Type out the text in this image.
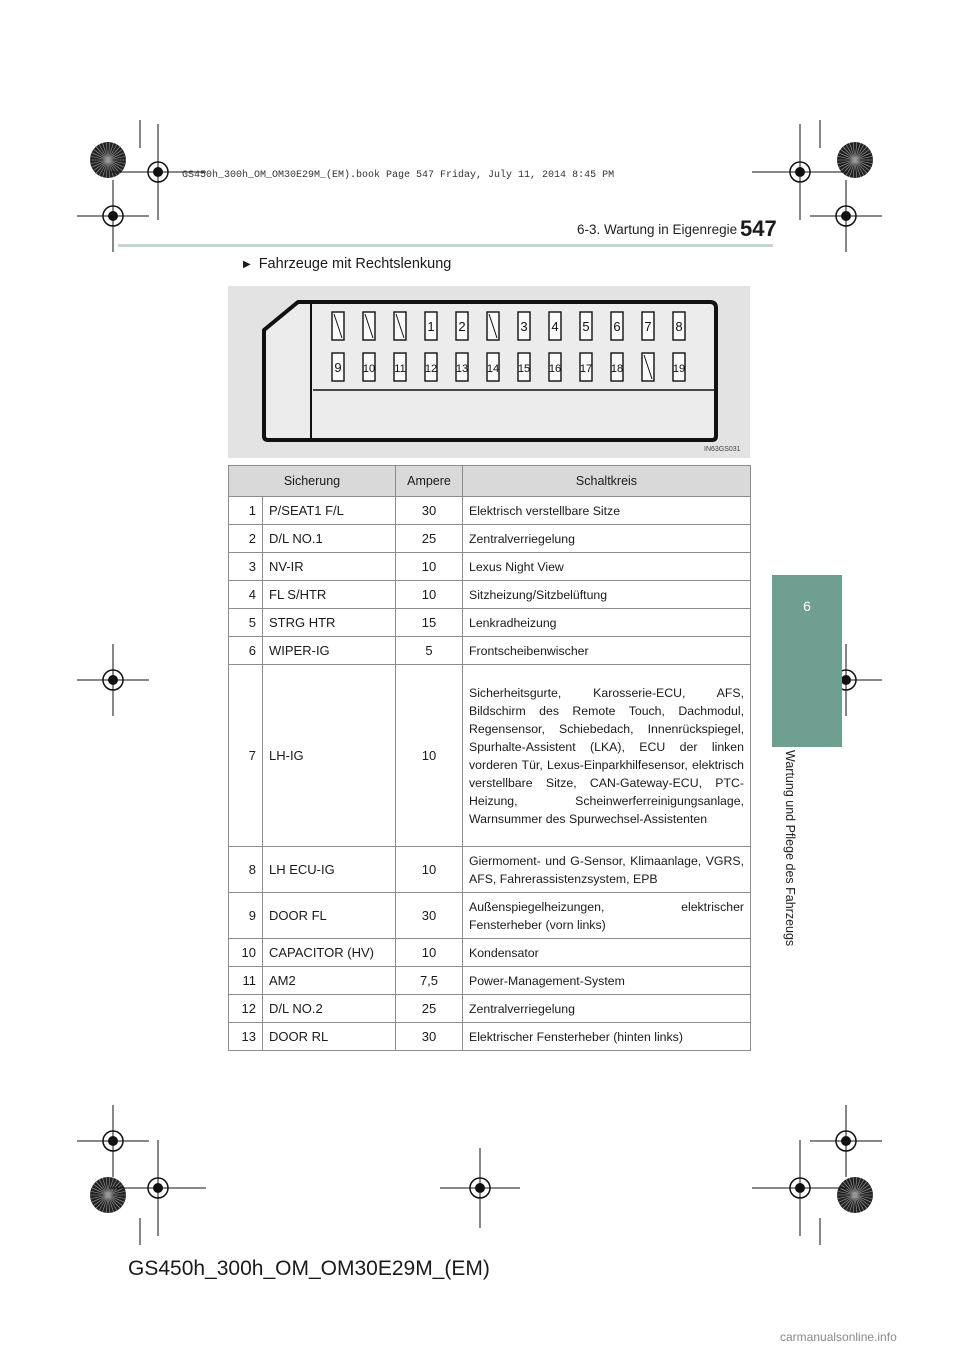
GS450h_300h_OM_OM30E29M_(EM).book Page 547 Friday, July 11, 2014 8:45 PM
6-3. Wartung in Eigenregie 547
6
Wartung und Pflege des Fahrzeugs
▶ Fahrzeuge mit Rechtslenkung
1 2	3 4 5 6 7 8
9 10 11 12 13 14 15 16 17 18	19
IN63GS031
Sicherung		Ampere	Schaltkreis
1	P/SEAT1 F/L	30	Elektrisch verstellbare Sitze
2	D/L NO.1	25	Zentralverriegelung
3	NV-IR	10	Lexus Night View
4	FL S/HTR	10	Sitzheizung/Sitzbelüftung
5	STRG HTR	15	Lenkradheizung
6	WIPER-IG	5	Frontscheibenwischer
7	LH-IG	10	Sicherheitsgurte, Karosserie-ECU, AFS, Bildschirm des Remote Touch, Dachmodul, Regensensor, Schiebedach, Innenrückspiegel, Spurhalte-Assistent (LKA), ECU der linken vorderen Tür, Lexus-Einparkhilfesensor, elektrisch verstellbare Sitze, CAN-Gateway-ECU, PTC-Heizung, Scheinwerferreinigungsanlage, Warnsummer des Spurwechsel-Assistenten
8	LH ECU-IG	10	Giermoment- und G-Sensor, Klimaanlage, VGRS, AFS, Fahrerassistenzsystem, EPB
9	DOOR FL	30	Außenspiegelheizungen, elektrischer Fensterheber (vorn links)
10	CAPACITOR (HV)	10	Kondensator
11	AM2	7,5	Power-Management-System
12	D/L NO.2	25	Zentralverriegelung
13	DOOR RL	30	Elektrischer Fensterheber (hinten links)
GS450h_300h_OM_OM30E29M_(EM)
carmanualsonline.info
